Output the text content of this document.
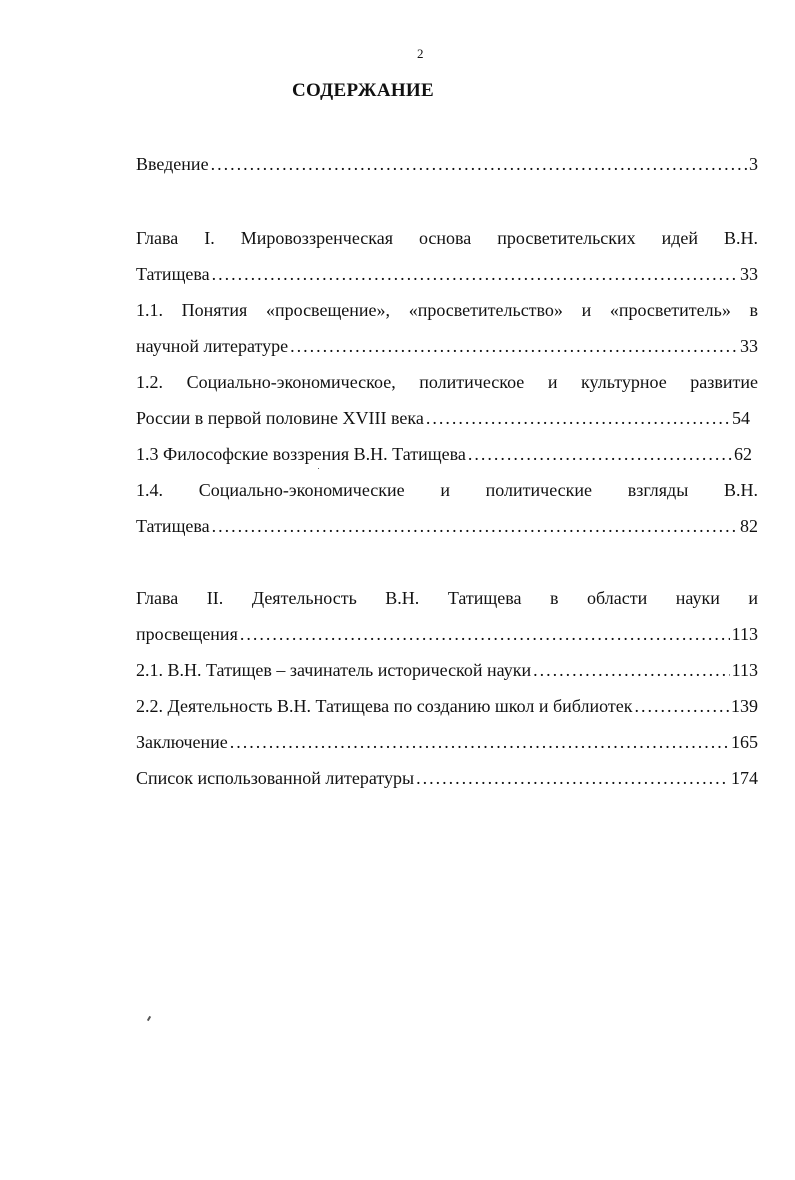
2
СОДЕРЖАНИЕ
Введение .....	3
Глава I. Мировоззренческая основа просветительских идей В.Н.
Татищева .....	33
1.1. Понятия «просвещение», «просветительство» и «просветитель» в
научной литературе .....	33
1.2. Социально-экономическое, политическое и культурное развитие
России в первой половине XVIII века .....	54
1.3 Философские воззрения В.Н. Татищева .....	62
1.4. Социально-экономические и политические взгляды В.Н.
Татищева .....	82
Глава II. Деятельность В.Н. Татищева в области науки и
просвещения .....	113
2.1. В.Н. Татищев – зачинатель исторической науки .....	113
2.2. Деятельность В.Н. Татищева по созданию школ и библиотек .....	139
Заключение .....	165
Список использованной литературы .....	174
